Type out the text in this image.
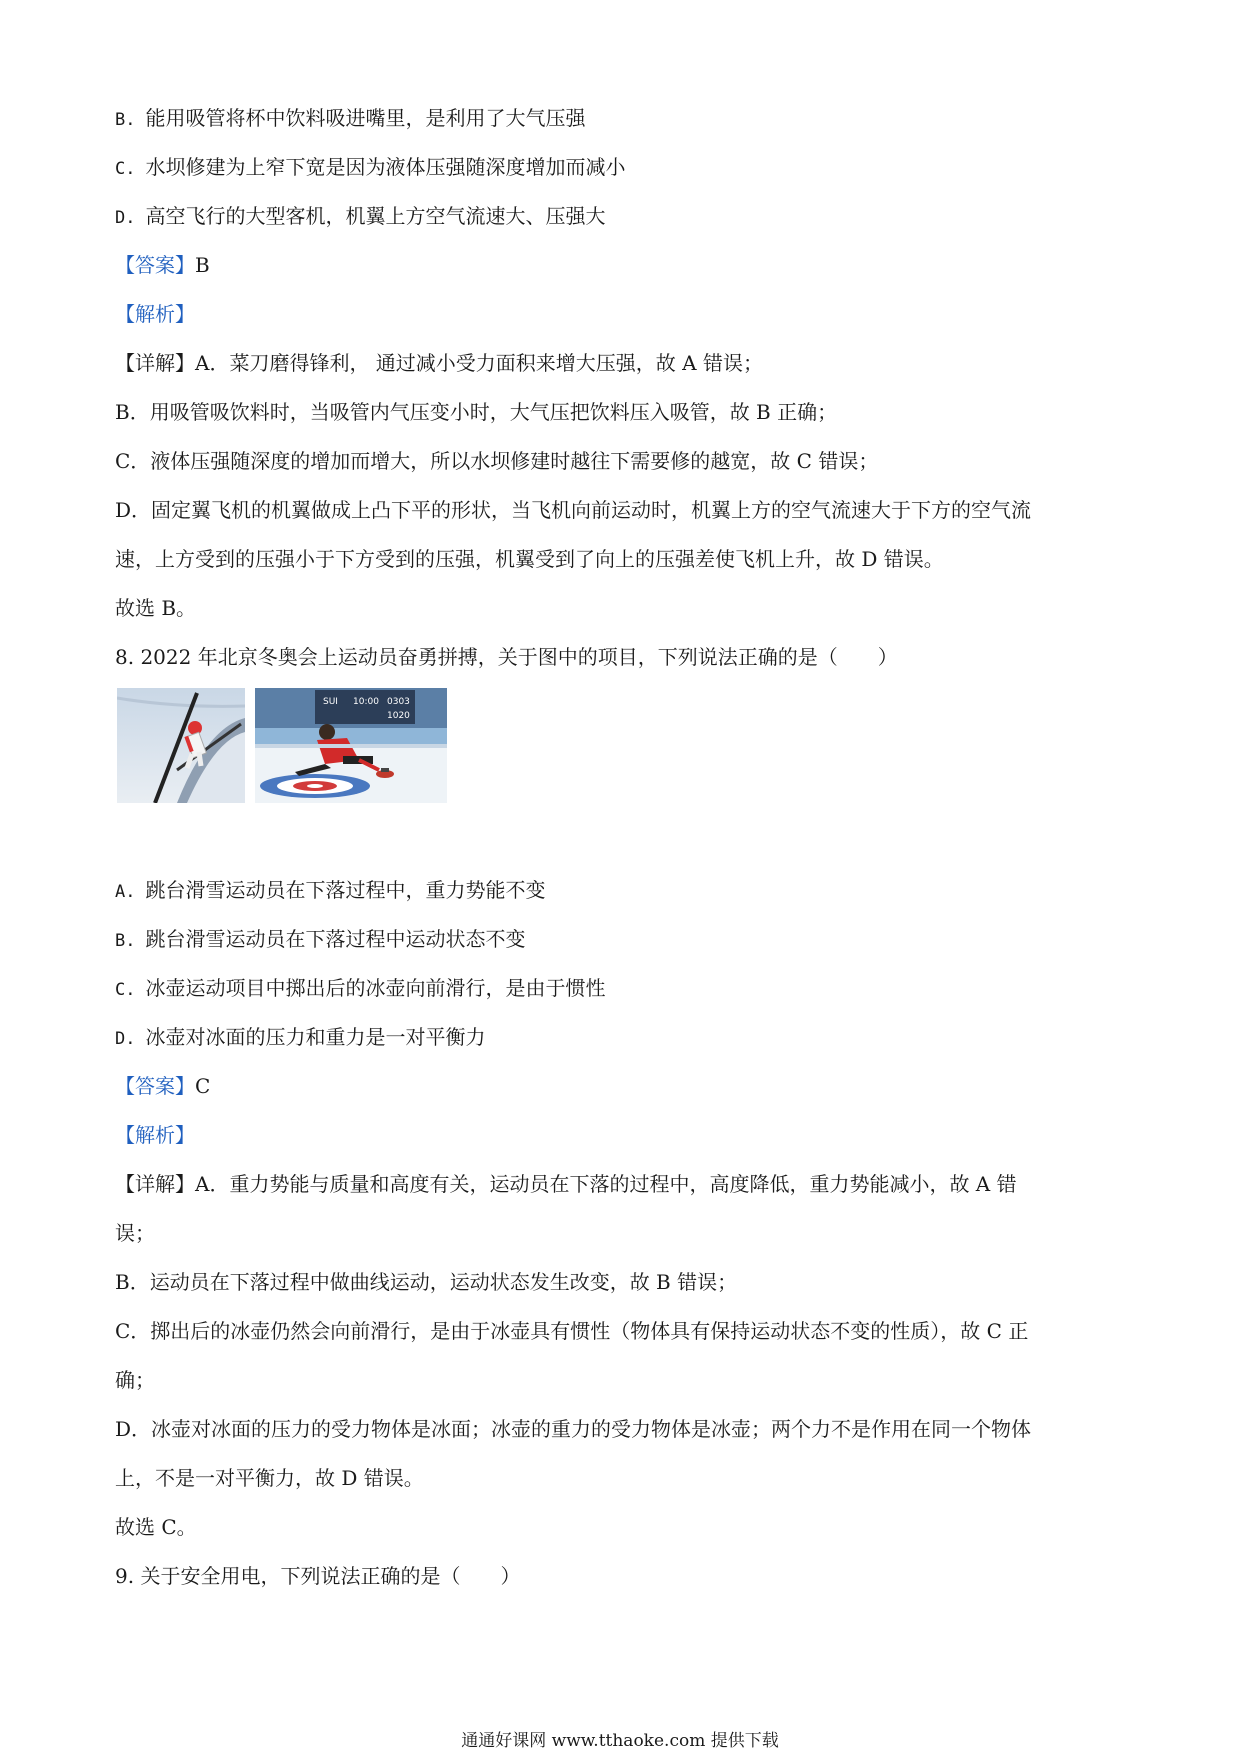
B. 能用吸管将杯中饮料吸进嘴里，是利用了大气压强
C. 水坝修建为上窄下宽是因为液体压强随深度增加而减小
D. 高空飞行的大型客机，机翼上方空气流速大、压强大
【答案】B
【解析】
【详解】A．菜刀磨得锋利， 通过减小受力面积来增大压强，故 A 错误；
B．用吸管吸饮料时，当吸管内气压变小时，大气压把饮料压入吸管，故 B 正确；
C．液体压强随深度的增加而增大，所以水坝修建时越往下需要修的越宽，故 C 错误；
D．固定翼飞机的机翼做成上凸下平的形状，当飞机向前运动时，机翼上方的空气流速大于下方的空气流
速，上方受到的压强小于下方受到的压强，机翼受到了向上的压强差使飞机上升，故 D 错误。
故选 B。
8. 2022 年北京冬奥会上运动员奋勇拼搏，关于图中的项目，下列说法正确的是（　　）
SUI 10:00 0303
1020
A. 跳台滑雪运动员在下落过程中，重力势能不变
B. 跳台滑雪运动员在下落过程中运动状态不变
C. 冰壶运动项目中掷出后的冰壶向前滑行，是由于惯性
D. 冰壶对冰面的压力和重力是一对平衡力
【答案】C
【解析】
【详解】A．重力势能与质量和高度有关，运动员在下落的过程中，高度降低，重力势能减小，故 A 错
误；
B．运动员在下落过程中做曲线运动，运动状态发生改变，故 B 错误；
C．掷出后的冰壶仍然会向前滑行，是由于冰壶具有惯性（物体具有保持运动状态不变的性质），故 C 正
确；
D．冰壶对冰面的压力的受力物体是冰面；冰壶的重力的受力物体是冰壶；两个力不是作用在同一个物体
上，不是一对平衡力，故 D 错误。
故选 C。
9. 关于安全用电，下列说法正确的是（　　）
通通好课网 www.tthaoke.com 提供下载
